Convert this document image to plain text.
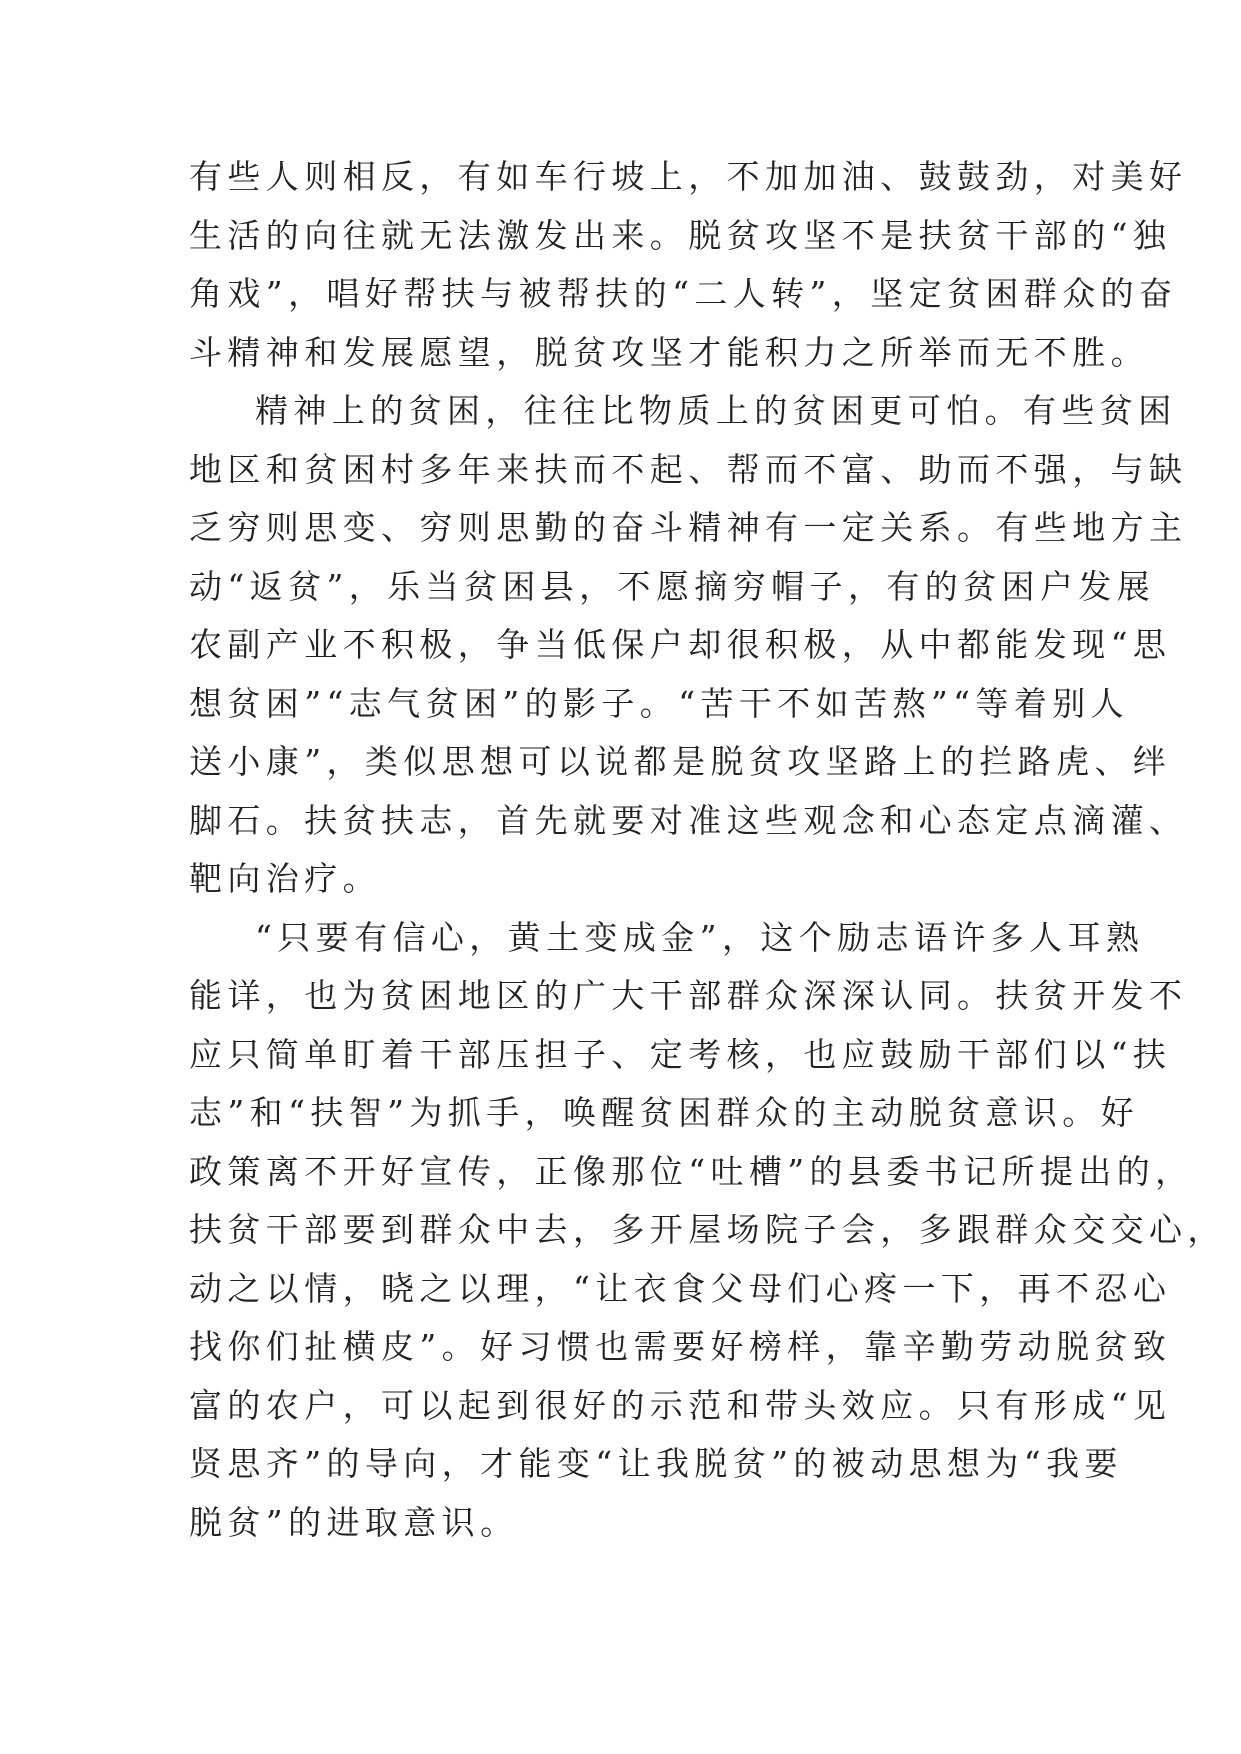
有些人则相反，有如车行坡上，不加加油、鼓鼓劲，对美好
生活的向往就无法激发出来。脱贫攻坚不是扶贫干部的“独
角戏”，唱好帮扶与被帮扶的“二人转”，坚定贫困群众的奋
斗精神和发展愿望，脱贫攻坚才能积力之所举而无不胜。
精神上的贫困，往往比物质上的贫困更可怕。有些贫困
地区和贫困村多年来扶而不起、帮而不富、助而不强，与缺
乏穷则思变、穷则思勤的奋斗精神有一定关系。有些地方主
动“返贫”，乐当贫困县，不愿摘穷帽子，有的贫困户发展
农副产业不积极，争当低保户却很积极，从中都能发现“思
想贫困”“志气贫困”的影子。“苦干不如苦熬”“等着别人
送小康”，类似思想可以说都是脱贫攻坚路上的拦路虎、绊
脚石。扶贫扶志，首先就要对准这些观念和心态定点滴灌、
靶向治疗。
“只要有信心，黄土变成金”，这个励志语许多人耳熟
能详，也为贫困地区的广大干部群众深深认同。扶贫开发不
应只简单盯着干部压担子、定考核，也应鼓励干部们以“扶
志”和“扶智”为抓手，唤醒贫困群众的主动脱贫意识。好
政策离不开好宣传，正像那位“吐槽”的县委书记所提出的，
扶贫干部要到群众中去，多开屋场院子会，多跟群众交交心，
动之以情，晓之以理，“让衣食父母们心疼一下，再不忍心
找你们扯横皮”。好习惯也需要好榜样，靠辛勤劳动脱贫致
富的农户，可以起到很好的示范和带头效应。只有形成“见
贤思齐”的导向，才能变“让我脱贫”的被动思想为“我要
脱贫”的进取意识。
